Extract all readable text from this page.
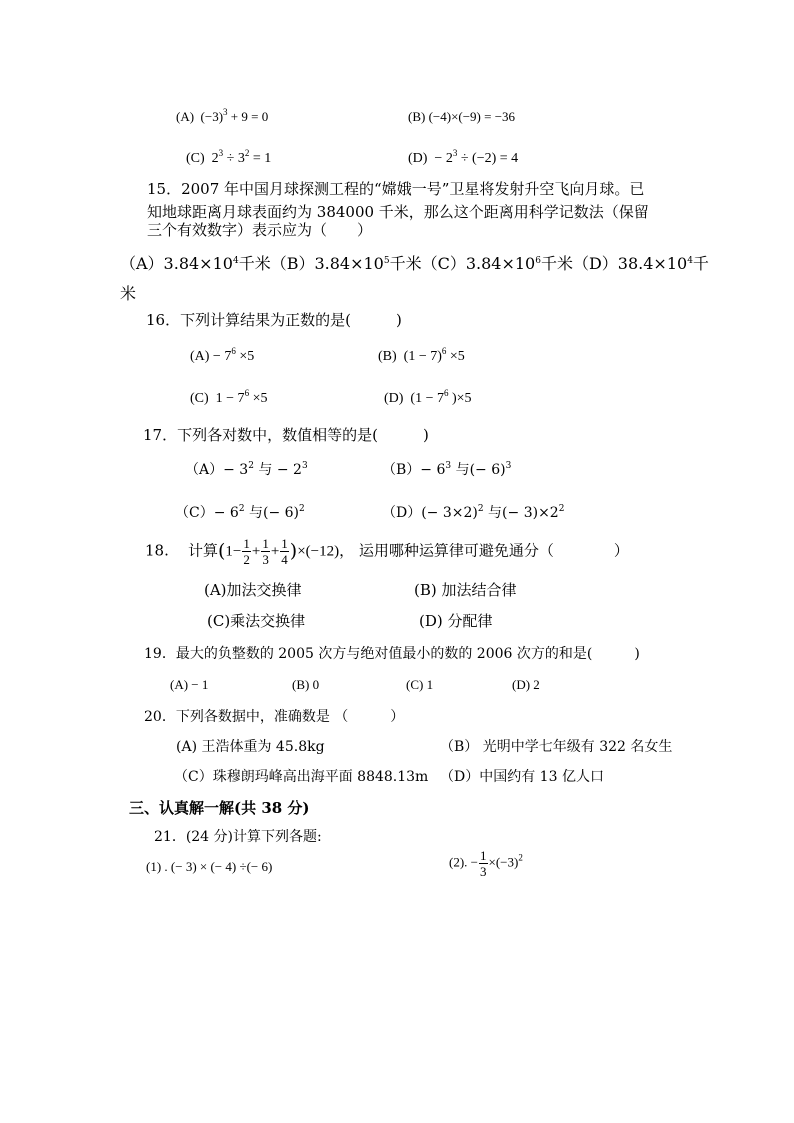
(A)  $(-3)^3 + 9 = 0$	(B) (−4)×(−9) = −36
(C)  $2^3 \div 3^2 = 1$	$(D) - 2^3 \div (-2) = 4$
15．2007 年中国月球探测工程的“嫦娥一号”卫星将发射升空飞向月球。已
知地球距离月球表面约为 384000 千米，那么这个距离用科学记数法（保留
三个有效数字）表示应为（　　）
$(A)3.84\times 10^4$千米$(B)3.84\times 10^5$千米$(C)3.84\times 10^6$千米$(D)38.4\times 10^4$千
米
16．下列计算结果为正数的是(　　　)
$(A) - 7^6 \times 5$	(B)  $(1 - 7)^6 \times 5$
(C)  $1 - 7^6 \times 5$	(D)  ($1 - 7^6$ )×5
17．下列各对数中，数值相等的是(　　　)
$(A)- 3^2$ 与 − $2^3$	$(B)- 6^3$ 与(− 6)$^3$
$(C)- 6^2$ 与(− 6)$^2$	$(D)(- 3\times 2)^2$ 与(− $3)\times 2^2$
18. 计算$(1- \frac{1}{2} + \frac{1}{3} + \frac{1}{4} )\times(-12)$， 运用哪种运算律可避免通分（　　　　）
(A)加法交换律	(B) 加法结合律
(C)乘法交换律	(D) 分配律
19．最大的负整数的 2005 次方与绝对值最小的数的 2006 次方的和是(　　　)
(A) − 1	(B) 0	(C) 1	(D) 2
20．下列各数据中，准确数是 （　　　）
(A) 王浩体重为 45.8kg	（B） 光明中学七年级有 322 名女生
（C）珠穆朗玛峰高出海平面 8848.13m （D）中国约有 13 亿人口
三、认真解一解(共 38 分)
21．(24 分)计算下列各题:
(1) . (− 3) × (− 4) ÷(− 6)	(2). − $\frac{1}{3} \times(-3)^2$
